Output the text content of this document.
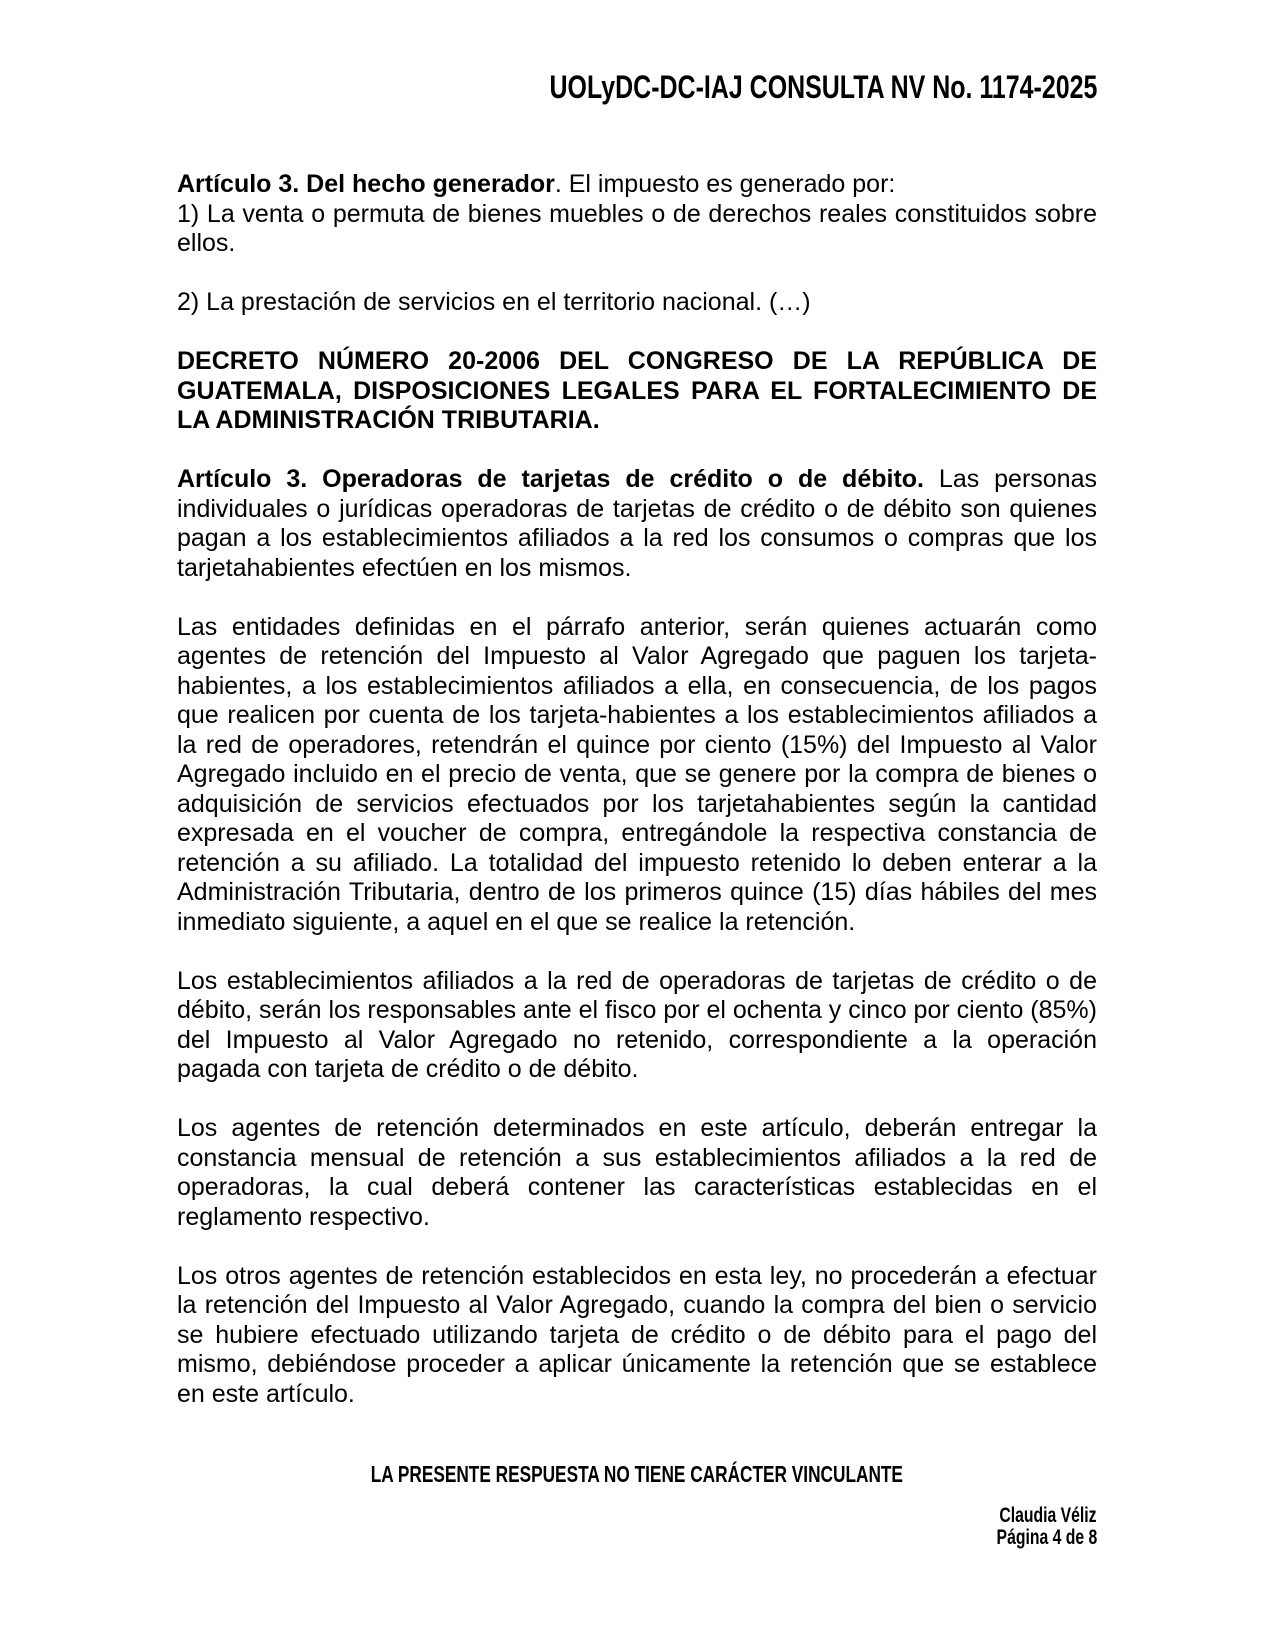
UOLyDC-DC-IAJ CONSULTA NV No. 1174-2025

Artículo 3. Del hecho generador. El impuesto es generado por:

1) La venta o permuta de bienes muebles o de derechos reales constituidos sobre ellos.

2) La prestación de servicios en el territorio nacional. (…)

DECRETO NÚMERO 20-2006 DEL CONGRESO DE LA REPÚBLICA DE GUATEMALA, DISPOSICIONES LEGALES PARA EL FORTALECIMIENTO DE LA ADMINISTRACIÓN TRIBUTARIA.

Artículo 3. Operadoras de tarjetas de crédito o de débito. Las personas individuales o jurídicas operadoras de tarjetas de crédito o de débito son quienes pagan a los establecimientos afiliados a la red los consumos o compras que los tarjetahabientes efectúen en los mismos.

Las entidades definidas en el párrafo anterior, serán quienes actuarán como agentes de retención del Impuesto al Valor Agregado que paguen los tarjeta-habientes, a los establecimientos afiliados a ella, en consecuencia, de los pagos que realicen por cuenta de los tarjeta-habientes a los establecimientos afiliados a la red de operadores, retendrán el quince por ciento (15%) del Impuesto al Valor Agregado incluido en el precio de venta, que se genere por la compra de bienes o adquisición de servicios efectuados por los tarjetahabientes según la cantidad expresada en el voucher de compra, entregándole la respectiva constancia de retención a su afiliado. La totalidad del impuesto retenido lo deben enterar a la Administración Tributaria, dentro de los primeros quince (15) días hábiles del mes inmediato siguiente, a aquel en el que se realice la retención.

Los establecimientos afiliados a la red de operadoras de tarjetas de crédito o de débito, serán los responsables ante el fisco por el ochenta y cinco por ciento (85%) del Impuesto al Valor Agregado no retenido, correspondiente a la operación pagada con tarjeta de crédito o de débito.

Los agentes de retención determinados en este artículo, deberán entregar la constancia mensual de retención a sus establecimientos afiliados a la red de operadoras, la cual deberá contener las características establecidas en el reglamento respectivo.

Los otros agentes de retención establecidos en esta ley, no procederán a efectuar la retención del Impuesto al Valor Agregado, cuando la compra del bien o servicio se hubiere efectuado utilizando tarjeta de crédito o de débito para el pago del mismo, debiéndose proceder a aplicar únicamente la retención que se establece en este artículo.

LA PRESENTE RESPUESTA NO TIENE CARÁCTER VINCULANTE
Claudia Véliz
Página 4 de 8
